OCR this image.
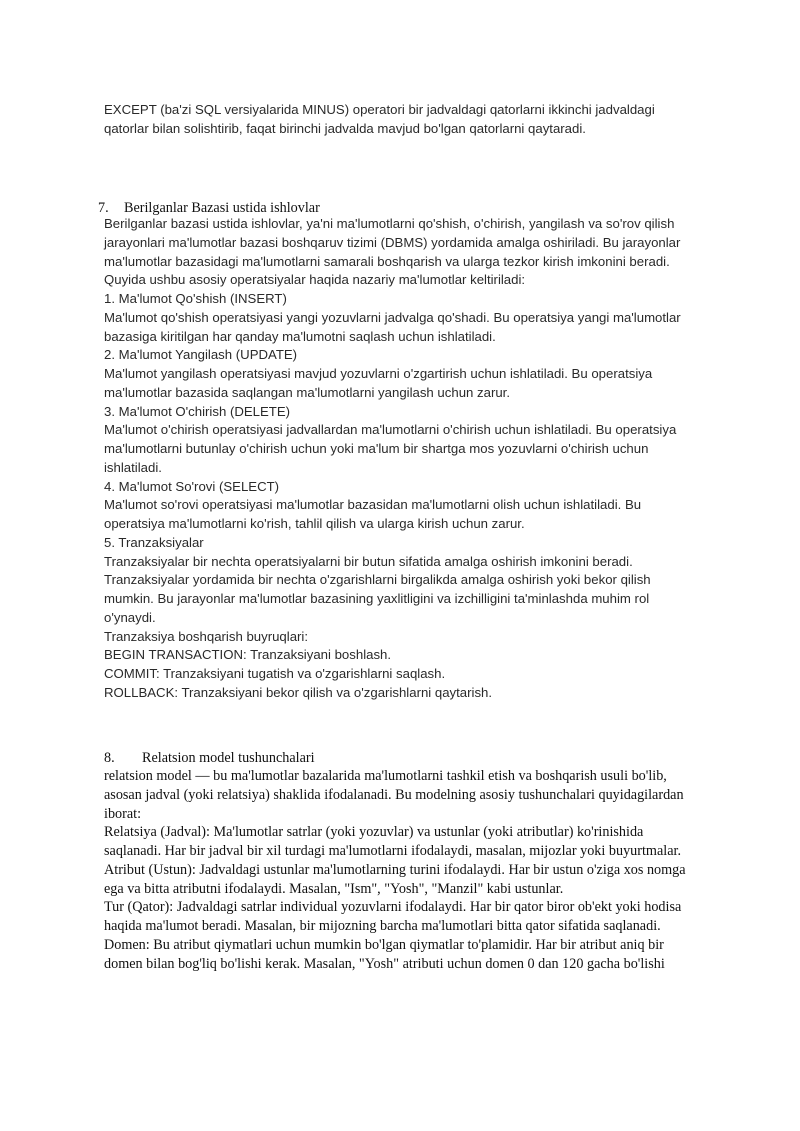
EXCEPT (ba'zi SQL versiyalarida MINUS) operatori bir jadvaldagi qatorlarni ikkinchi jadvaldagi qatorlar bilan solishtirib, faqat birinchi jadvalda mavjud bo'lgan qatorlarni qaytaradi.

7. Berilganlar Bazasi ustida ishlovlar

Berilganlar bazasi ustida ishlovlar, ya'ni ma'lumotlarni qo'shish, o'chirish, yangilash va so'rov qilish jarayonlari ma'lumotlar bazasi boshqaruv tizimi (DBMS) yordamida amalga oshiriladi. Bu jarayonlar ma'lumotlar bazasidagi ma'lumotlarni samarali boshqarish va ularga tezkor kirish imkonini beradi. Quyida ushbu asosiy operatsiyalar haqida nazariy ma'lumotlar keltiriladi:

1. Ma'lumot Qo'shish (INSERT)

Ma'lumot qo'shish operatsiyasi yangi yozuvlarni jadvalga qo'shadi. Bu operatsiya yangi ma'lumotlar bazasiga kiritilgan har qanday ma'lumotni saqlash uchun ishlatiladi.

2. Ma'lumot Yangilash (UPDATE)

Ma'lumot yangilash operatsiyasi mavjud yozuvlarni o'zgartirish uchun ishlatiladi. Bu operatsiya ma'lumotlar bazasida saqlangan ma'lumotlarni yangilash uchun zarur.

3. Ma'lumot O'chirish (DELETE)

Ma'lumot o'chirish operatsiyasi jadvallardan ma'lumotlarni o'chirish uchun ishlatiladi. Bu operatsiya ma'lumotlarni butunlay o'chirish uchun yoki ma'lum bir shartga mos yozuvlarni o'chirish uchun ishlatiladi.

4. Ma'lumot So'rovi (SELECT)

Ma'lumot so'rovi operatsiyasi ma'lumotlar bazasidan ma'lumotlarni olish uchun ishlatiladi. Bu operatsiya ma'lumotlarni ko'rish, tahlil qilish va ularga kirish uchun zarur.

5. Tranzaksiyalar

Tranzaksiyalar bir nechta operatsiyalarni bir butun sifatida amalga oshirish imkonini beradi. Tranzaksiyalar yordamida bir nechta o'zgarishlarni birgalikda amalga oshirish yoki bekor qilish mumkin. Bu jarayonlar ma'lumotlar bazasining yaxlitligini va izchilligini ta'minlashda muhim rol o'ynaydi.

Tranzaksiya boshqarish buyruqlari:

BEGIN TRANSACTION: Tranzaksiyani boshlash.

COMMIT: Tranzaksiyani tugatish va o'zgarishlarni saqlash.

ROLLBACK: Tranzaksiyani bekor qilish va o'zgarishlarni qaytarish.

8. Relatsion model tushunchalari

relatsion model — bu ma'lumotlar bazalarida ma'lumotlarni tashkil etish va boshqarish usuli bo'lib, asosan jadval (yoki relatsiya) shaklida ifodalanadi. Bu modelning asosiy tushunchalari quyidagilardan iborat:

Relatsiya (Jadval): Ma'lumotlar satrlar (yoki yozuvlar) va ustunlar (yoki atributlar) ko'rinishida saqlanadi. Har bir jadval bir xil turdagi ma'lumotlarni ifodalaydi, masalan, mijozlar yoki buyurtmalar.

Atribut (Ustun): Jadvaldagi ustunlar ma'lumotlarning turini ifodalaydi. Har bir ustun o'ziga xos nomga ega va bitta atributni ifodalaydi. Masalan, "Ism", "Yosh", "Manzil" kabi ustunlar.

Tur (Qator): Jadvaldagi satrlar individual yozuvlarni ifodalaydi. Har bir qator biror ob'ekt yoki hodisa haqida ma'lumot beradi. Masalan, bir mijozning barcha ma'lumotlari bitta qator sifatida saqlanadi.

Domen: Bu atribut qiymatlari uchun mumkin bo'lgan qiymatlar to'plamidir. Har bir atribut aniq bir domen bilan bog'liq bo'lishi kerak. Masalan, "Yosh" atributi uchun domen 0 dan 120 gacha bo'lishi
